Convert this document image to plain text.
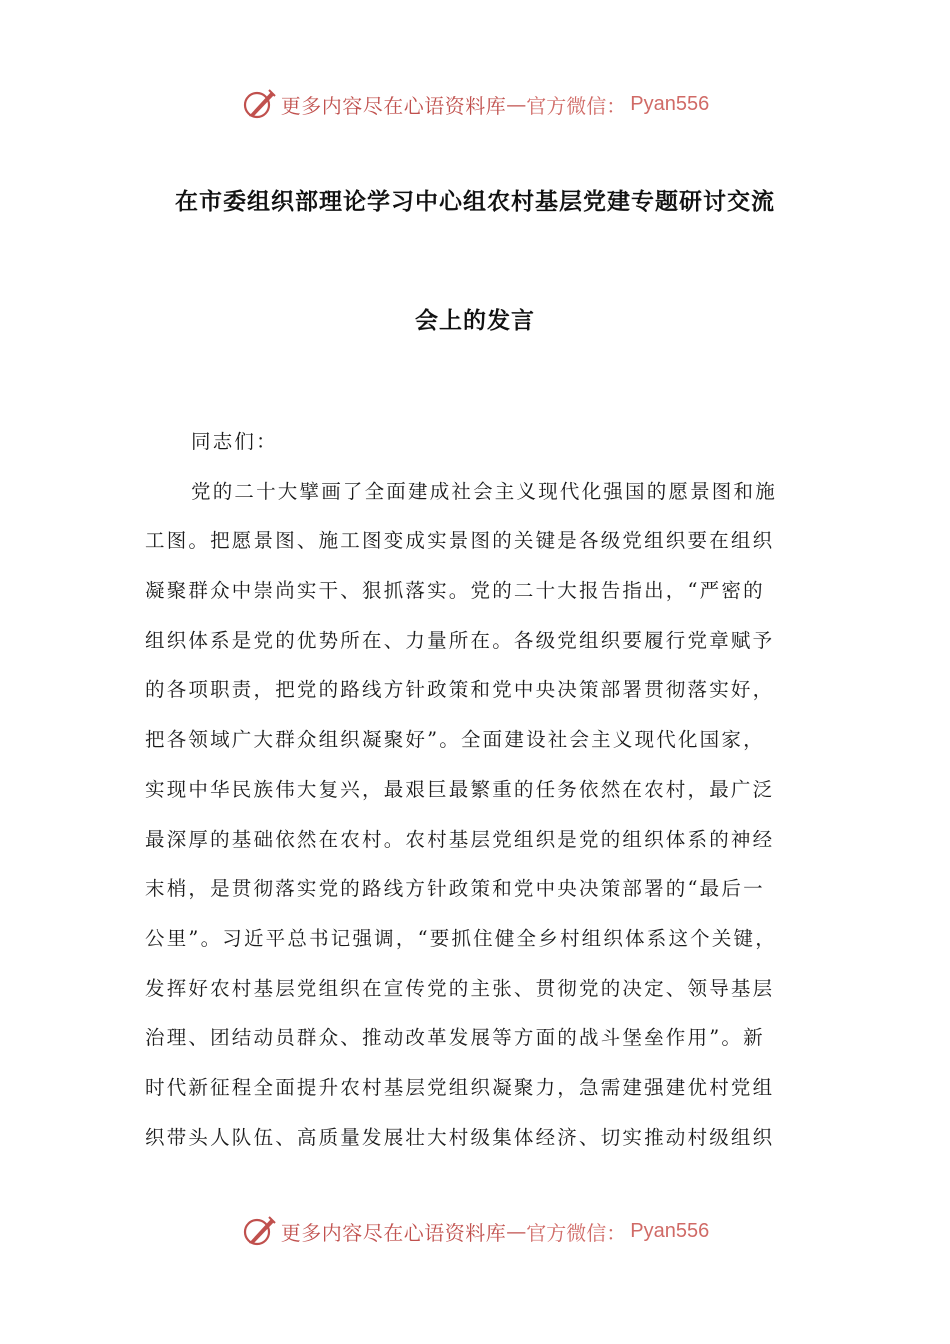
更多内容尽在心语资料库 — 官方微信： Pyan556
在市委组织部理论学习中心组农村基层党建专题研讨交流
会上的发言
同志们：
党的二十大擘画了全面建成社会主义现代化强国的愿景图和施
工图。把愿景图、施工图变成实景图的关键是各级党组织要在组织
凝聚群众中崇尚实干、狠抓落实。党的二十大报告指出，“严密的
组织体系是党的优势所在、力量所在。各级党组织要履行党章赋予
的各项职责，把党的路线方针政策和党中央决策部署贯彻落实好，
把各领域广大群众组织凝聚好”。全面建设社会主义现代化国家，
实现中华民族伟大复兴，最艰巨最繁重的任务依然在农村，最广泛
最深厚的基础依然在农村。农村基层党组织是党的组织体系的神经
末梢，是贯彻落实党的路线方针政策和党中央决策部署的“最后一
公里”。习近平总书记强调，“要抓住健全乡村组织体系这个关键，
发挥好农村基层党组织在宣传党的主张、贯彻党的决定、领导基层
治理、团结动员群众、推动改革发展等方面的战斗堡垒作用”。新
时代新征程全面提升农村基层党组织凝聚力，急需建强建优村党组
织带头人队伍、高质量发展壮大村级集体经济、切实推动村级组织
更多内容尽在心语资料库 — 官方微信： Pyan556
